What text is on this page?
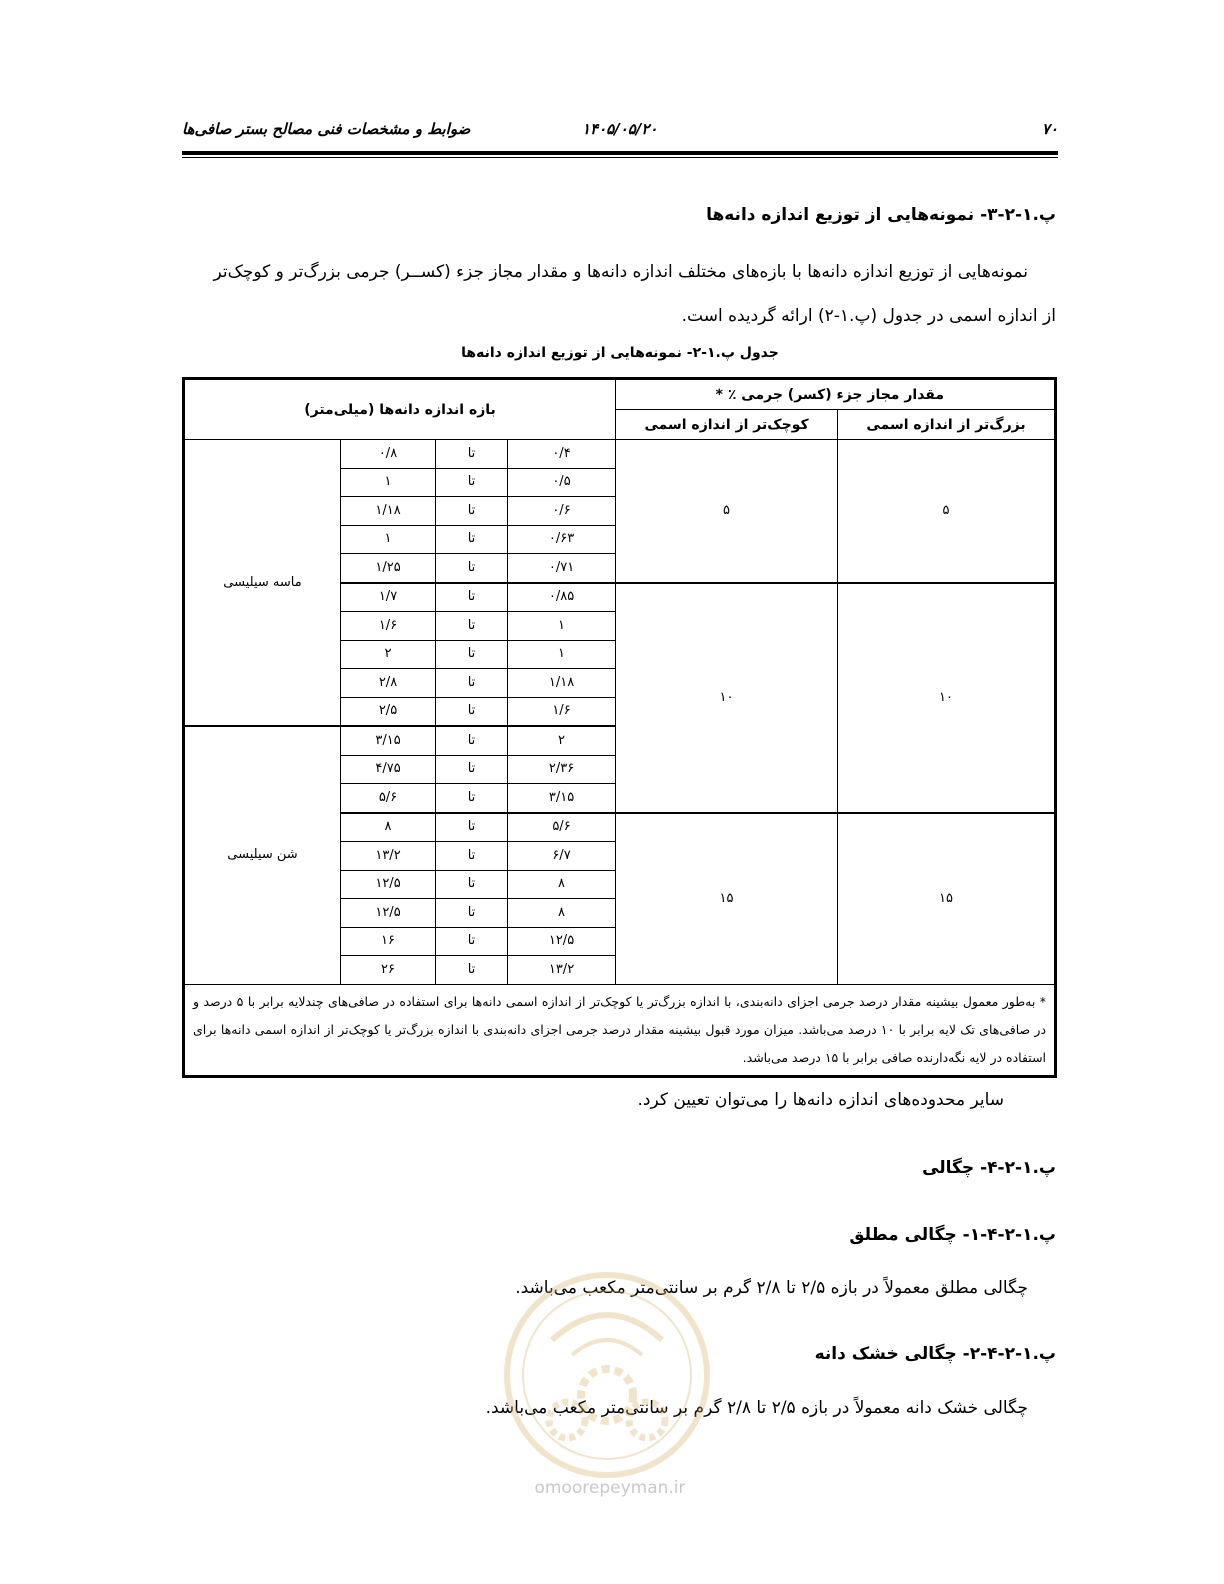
۷۰
۱۴۰۵/۰۵/۲۰
ضوابط و مشخصات فنی مصالح بستر صافی‌ها
پ.۱-۲-۳- نمونه‌هایی از توزیع اندازه دانه‌ها
نمونه‌هایی از توزیع اندازه دانه‌ها با بازه‌های مختلف اندازه دانه‌ها و مقدار مجاز جزء (کســر) جرمی بزرگ‌تر و کوچک‌تر
از اندازه اسمی در جدول (پ.۱-۲) ارائه گردیده است.
جدول پ.۱-۲- نمونه‌هایی از توزیع اندازه دانه‌ها
مقدار مجاز جزء (کسر) جرمی ٪ *		بازه اندازه دانه‌ها (میلی‌متر)			
بزرگ‌تر از اندازه اسمی	کوچک‌تر از اندازه اسمی				
۵	۵	۰/۴	تا	۰/۸	ماسه سیلیسی
		۰/۵	تا	۱	
		۰/۶	تا	۱/۱۸	
		۰/۶۳	تا	۱	
		۰/۷۱	تا	۱/۲۵	
۱۰	۱۰	۰/۸۵	تا	۱/۷	
		۱	تا	۱/۶	
		۱	تا	۲	
		۱/۱۸	تا	۲/۸	
		۱/۶	تا	۲/۵	
		۲	تا	۳/۱۵	شن سیلیسی
		۲/۳۶	تا	۴/۷۵	
		۳/۱۵	تا	۵/۶	
۱۵	۱۵	۵/۶	تا	۸	
		۶/۷	تا	۱۳/۲	
		۸	تا	۱۲/۵	
		۸	تا	۱۲/۵	
		۱۲/۵	تا	۱۶	
		۱۳/۲	تا	۲۶	
* به‌طور معمول بیشینه مقدار درصد جرمی اجزای دانه‌بندی، با اندازه بزرگ‌تر یا کوچک‌تر از اندازه اسمی دانه‌ها برای استفاده در صافی‌های چندلایه برابر با ۵ درصد و در صافی‌های تک لایه برابر با ۱۰ درصد می‌باشد. میزان مورد قبول بیشینه مقدار درصد جرمی اجزای دانه‌بندی با اندازه بزرگ‌تر یا کوچک‌تر از اندازه اسمی دانه‌ها برای استفاده در لایه نگه‌دارنده صافی برابر با ۱۵ درصد می‌باشد.					
سایر محدوده‌های اندازه دانه‌ها را می‌توان تعیین کرد.
پ.۱-۲-۴- چگالی
پ.۱-۲-۴-۱- چگالی مطلق
چگالی مطلق معمولاً در بازه ۲/۵ تا ۲/۸ گرم بر سانتی‌متر مکعب می‌باشد.
پ.۱-۲-۴-۲- چگالی خشک دانه
چگالی خشک دانه معمولاً در بازه ۲/۵ تا ۲/۸ گرم بر سانتی‌متر مکعب می‌باشد.
omoorepeyman.ir
